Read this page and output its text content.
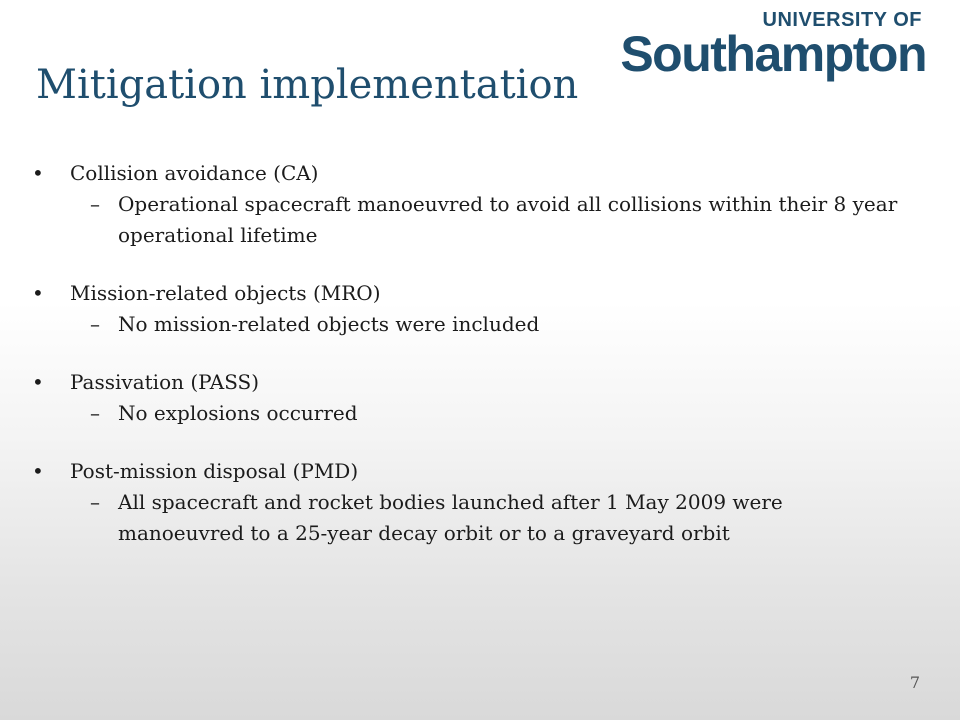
UNIVERSITY OF
Southampton
Mitigation implementation
• Collision avoidance (CA)
– Operational spacecraft manoeuvred to avoid all collisions within their 8 year operational lifetime
• Mission-related objects (MRO)
– No mission-related objects were included
• Passivation (PASS)
– No explosions occurred
• Post-mission disposal (PMD)
– All spacecraft and rocket bodies launched after 1 May 2009 were manoeuvred to a 25-year decay orbit or to a graveyard orbit
7
